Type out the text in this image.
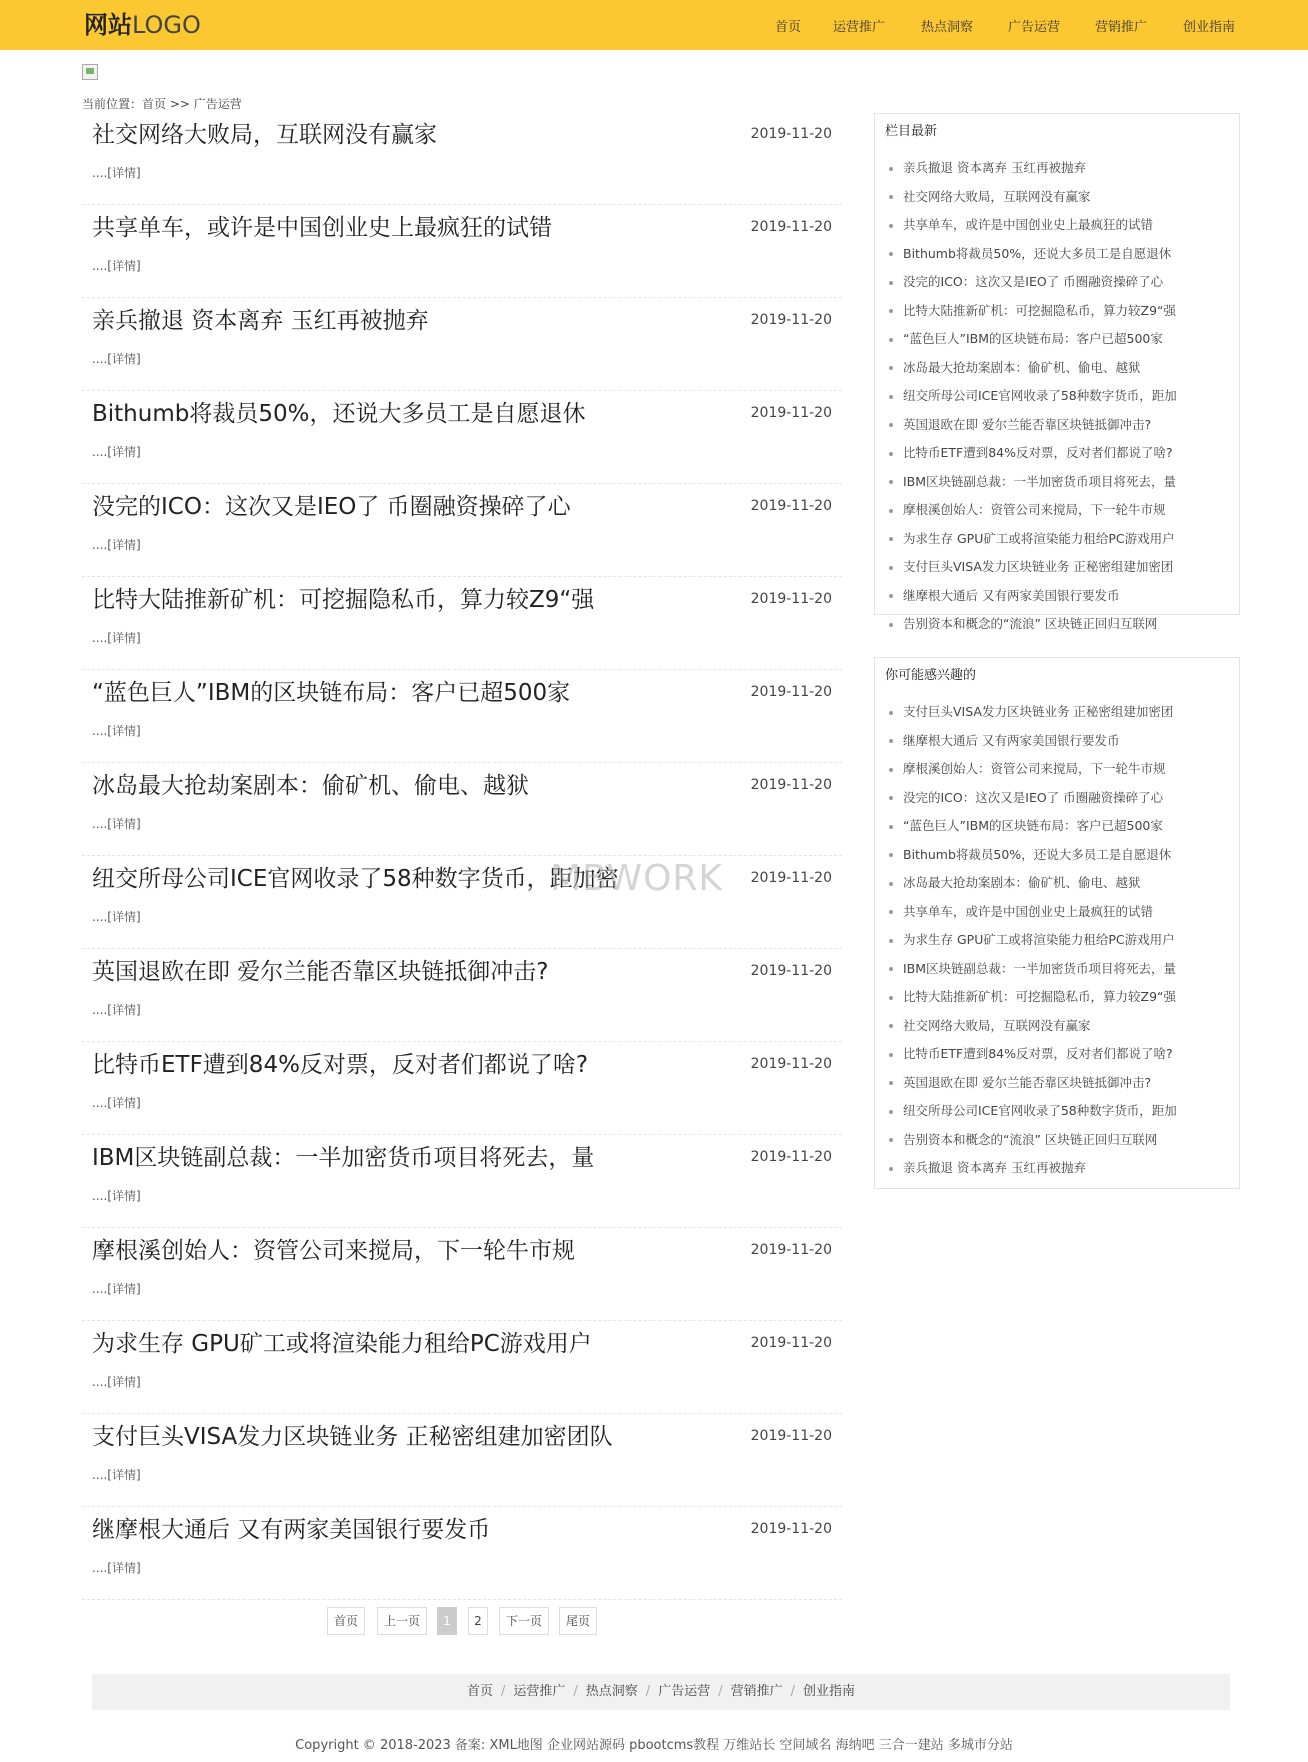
网站LOGO	首页 运营推广	热点洞察	广告运营	营销推广	创业指南
当前位置：首页 >> 广告运营
社交网络大败局，互联网没有赢家	2019-11-20
....[详情]
共享单车，或许是中国创业史上最疯狂的试错	2019-11-20
....[详情]
亲兵撤退 资本离弃 玉红再被抛弃	2019-11-20
....[详情]
Bithumb将裁员50%，还说大多员工是自愿退休	2019-11-20
....[详情]
没完的ICO：这次又是IEO了 币圈融资操碎了心	2019-11-20
....[详情]
比特大陆推新矿机：可挖掘隐私币，算力较Z9“强	2019-11-20
....[详情]
“蓝色巨人”IBM的区块链布局：客户已超500家	2019-11-20
....[详情]
冰岛最大抢劫案剧本：偷矿机、偷电、越狱	2019-11-20
....[详情]
纽交所母公司ICE官网收录了58种数字货币，距加密	2019-11-20
....[详情]
英国退欧在即 爱尔兰能否靠区块链抵御冲击?	2019-11-20
....[详情]
比特币ETF遭到84%反对票，反对者们都说了啥?	2019-11-20
....[详情]
IBM区块链副总裁：一半加密货币项目将死去，量	2019-11-20
....[详情]
摩根溪创始人：资管公司来搅局，下一轮牛市规	2019-11-20
....[详情]
为求生存 GPU矿工或将渲染能力租给PC游戏用户	2019-11-20
....[详情]
支付巨头VISA发力区块链业务 正秘密组建加密团队	2019-11-20
....[详情]
继摩根大通后 又有两家美国银行要发币	2019-11-20
....[详情]
首页	上一页	1	2	下一页	尾页
栏目最新
亲兵撤退 资本离弃 玉红再被抛弃
社交网络大败局，互联网没有赢家
共享单车，或许是中国创业史上最疯狂的试错
Bithumb将裁员50%，还说大多员工是自愿退休
没完的ICO：这次又是IEO了 币圈融资操碎了心
比特大陆推新矿机：可挖掘隐私币，算力较Z9“强
“蓝色巨人”IBM的区块链布局：客户已超500家
冰岛最大抢劫案剧本：偷矿机、偷电、越狱
纽交所母公司ICE官网收录了58种数字货币，距加
英国退欧在即 爱尔兰能否靠区块链抵御冲击?
比特币ETF遭到84%反对票，反对者们都说了啥?
IBM区块链副总裁：一半加密货币项目将死去，量
摩根溪创始人：资管公司来搅局，下一轮牛市规
为求生存 GPU矿工或将渲染能力租给PC游戏用户
支付巨头VISA发力区块链业务 正秘密组建加密团
继摩根大通后 又有两家美国银行要发币
告别资本和概念的“流浪” 区块链正回归互联网
你可能感兴趣的
支付巨头VISA发力区块链业务 正秘密组建加密团
继摩根大通后 又有两家美国银行要发币
摩根溪创始人：资管公司来搅局，下一轮牛市规
没完的ICO：这次又是IEO了 币圈融资操碎了心
“蓝色巨人”IBM的区块链布局：客户已超500家
Bithumb将裁员50%，还说大多员工是自愿退休
冰岛最大抢劫案剧本：偷矿机、偷电、越狱
共享单车，或许是中国创业史上最疯狂的试错
为求生存 GPU矿工或将渲染能力租给PC游戏用户
IBM区块链副总裁：一半加密货币项目将死去，量
比特大陆推新矿机：可挖掘隐私币，算力较Z9“强
社交网络大败局，互联网没有赢家
比特币ETF遭到84%反对票，反对者们都说了啥?
英国退欧在即 爱尔兰能否靠区块链抵御冲击?
纽交所母公司ICE官网收录了58种数字货币，距加
告别资本和概念的“流浪” 区块链正回归互联网
亲兵撤退 资本离弃 玉红再被抛弃
MBWORK
首页 / 运营推广 / 热点洞察 / 广告运营 / 营销推广 / 创业指南
Copyright © 2018-2023 备案: XML地图 企业网站源码 pbootcms教程 万维站长 空间域名 海纳吧 三合一建站 多城市分站
